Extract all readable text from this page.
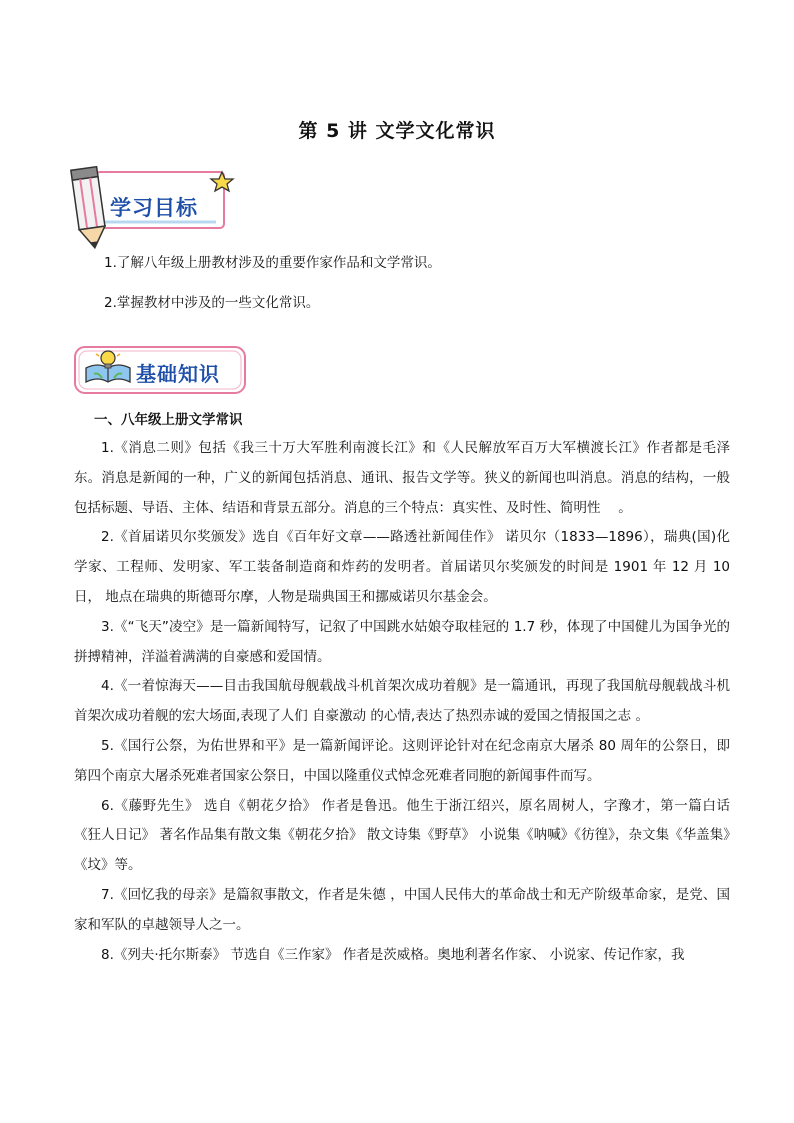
第 5 讲 文学文化常识
学习目标
1.了解八年级上册教材涉及的重要作家作品和文学常识。
2.掌握教材中涉及的一些文化常识。
基础知识
一、八年级上册文学常识

1.《消息二则》包括《我三十万大军胜利南渡长江》和《人民解放军百万大军横渡长江》作者都是毛泽东。消息是新闻的一种，广义的新闻包括消息、通讯、报告文学等。狭义的新闻也叫消息。消息的结构，一般包括标题、导语、主体、结语和背景五部分。消息的三个特点：真实性、及时性、简明性　 。

2.《首届诺贝尔奖颁发》选自《百年好文章——路透社新闻佳作》 诺贝尔（1833—1896），瑞典(国)化学家、工程师、发明家、军工装备制造商和炸药的发明者。首届诺贝尔奖颁发的时间是 1901 年 12 月 10 日， 地点在瑞典的斯德哥尔摩，人物是瑞典国王和挪威诺贝尔基金会。

3.《“飞天”凌空》是一篇新闻特写，记叙了中国跳水姑娘夺取桂冠的 1.7 秒，体现了中国健儿为国争光的拼搏精神，洋溢着满满的自豪感和爱国情。

4.《一着惊海天——目击我国航母舰载战斗机首架次成功着舰》是一篇通讯，再现了我国航母舰载战斗机首架次成功着舰的宏大场面,表现了人们 自豪激动 的心情,表达了热烈赤诚的爱国之情报国之志 。

5.《国行公祭，为佑世界和平》是一篇新闻评论。这则评论针对在纪念南京大屠杀 80 周年的公祭日，即第四个南京大屠杀死难者国家公祭日，中国以隆重仪式悼念死难者同胞的新闻事件而写。

6.《藤野先生》 选自《朝花夕拾》 作者是鲁迅。他生于浙江绍兴，原名周树人，字豫才，第一篇白话 《狂人日记》 著名作品集有散文集《朝花夕拾》 散文诗集《野草》 小说集《呐喊》《彷徨》，杂文集《华盖集》《坟》等。

7.《回忆我的母亲》是篇叙事散文，作者是朱德 ，中国人民伟大的革命战士和无产阶级革命家，是党、国家和军队的卓越领导人之一。

8.《列夫·托尔斯泰》 节选自《三作家》 作者是茨威格。奥地利著名作家、 小说家、传记作家，我
